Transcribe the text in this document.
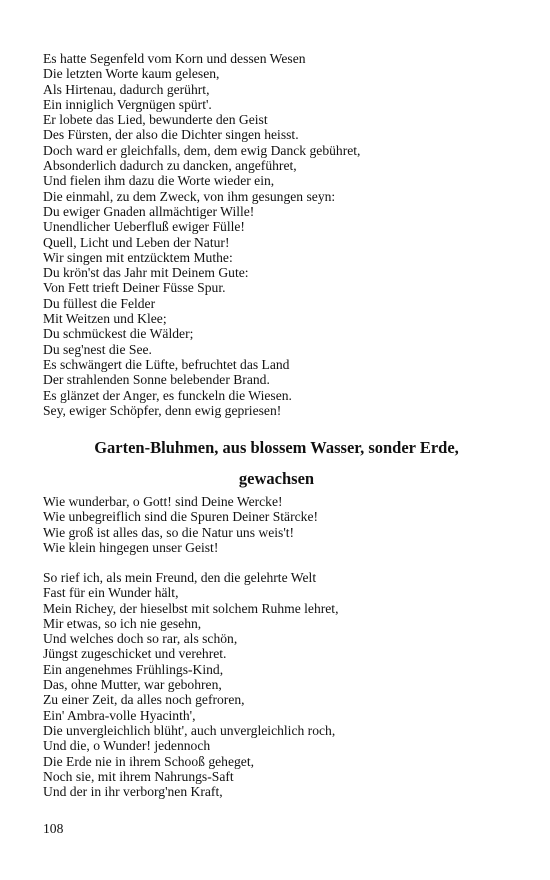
Es hatte Segenfeld vom Korn und dessen Wesen
Die letzten Worte kaum gelesen,
Als Hirtenau, dadurch gerührt,
Ein inniglich Vergnügen spürt'.
Er lobete das Lied, bewunderte den Geist
Des Fürsten, der also die Dichter singen heisst.
Doch ward er gleichfalls, dem, dem ewig Danck gebühret,
Absonderlich dadurch zu dancken, angeführet,
Und fielen ihm dazu die Worte wieder ein,
Die einmahl, zu dem Zweck, von ihm gesungen seyn:
Du ewiger Gnaden allmächtiger Wille!
Unendlicher Ueberfluß ewiger Fülle!
Quell, Licht und Leben der Natur!
Wir singen mit entzücktem Muthe:
Du krön'st das Jahr mit Deinem Gute:
Von Fett trieft Deiner Füsse Spur.
Du füllest die Felder
Mit Weitzen und Klee;
Du schmückest die Wälder;
Du seg'nest die See.
Es schwängert die Lüfte, befruchtet das Land
Der strahlenden Sonne belebender Brand.
Es glänzet der Anger, es funckeln die Wiesen.
Sey, ewiger Schöpfer, denn ewig gepriesen!
Garten-Bluhmen, aus blossem Wasser, sonder Erde,
gewachsen
Wie wunderbar, o Gott! sind Deine Wercke!
Wie unbegreiflich sind die Spuren Deiner Stärcke!
Wie groß ist alles das, so die Natur uns weis't!
Wie klein hingegen unser Geist!
So rief ich, als mein Freund, den die gelehrte Welt
Fast für ein Wunder hält,
Mein Richey, der hieselbst mit solchem Ruhme lehret,
Mir etwas, so ich nie gesehn,
Und welches doch so rar, als schön,
Jüngst zugeschicket und verehret.
Ein angenehmes Frühlings-Kind,
Das, ohne Mutter, war gebohren,
Zu einer Zeit, da alles noch gefroren,
Ein' Ambra-volle Hyacinth',
Die unvergleichlich blüht', auch unvergleichlich roch,
Und die, o Wunder! jedennoch
Die Erde nie in ihrem Schooß geheget,
Noch sie, mit ihrem Nahrungs-Saft
Und der in ihr verborg'nen Kraft,
108
